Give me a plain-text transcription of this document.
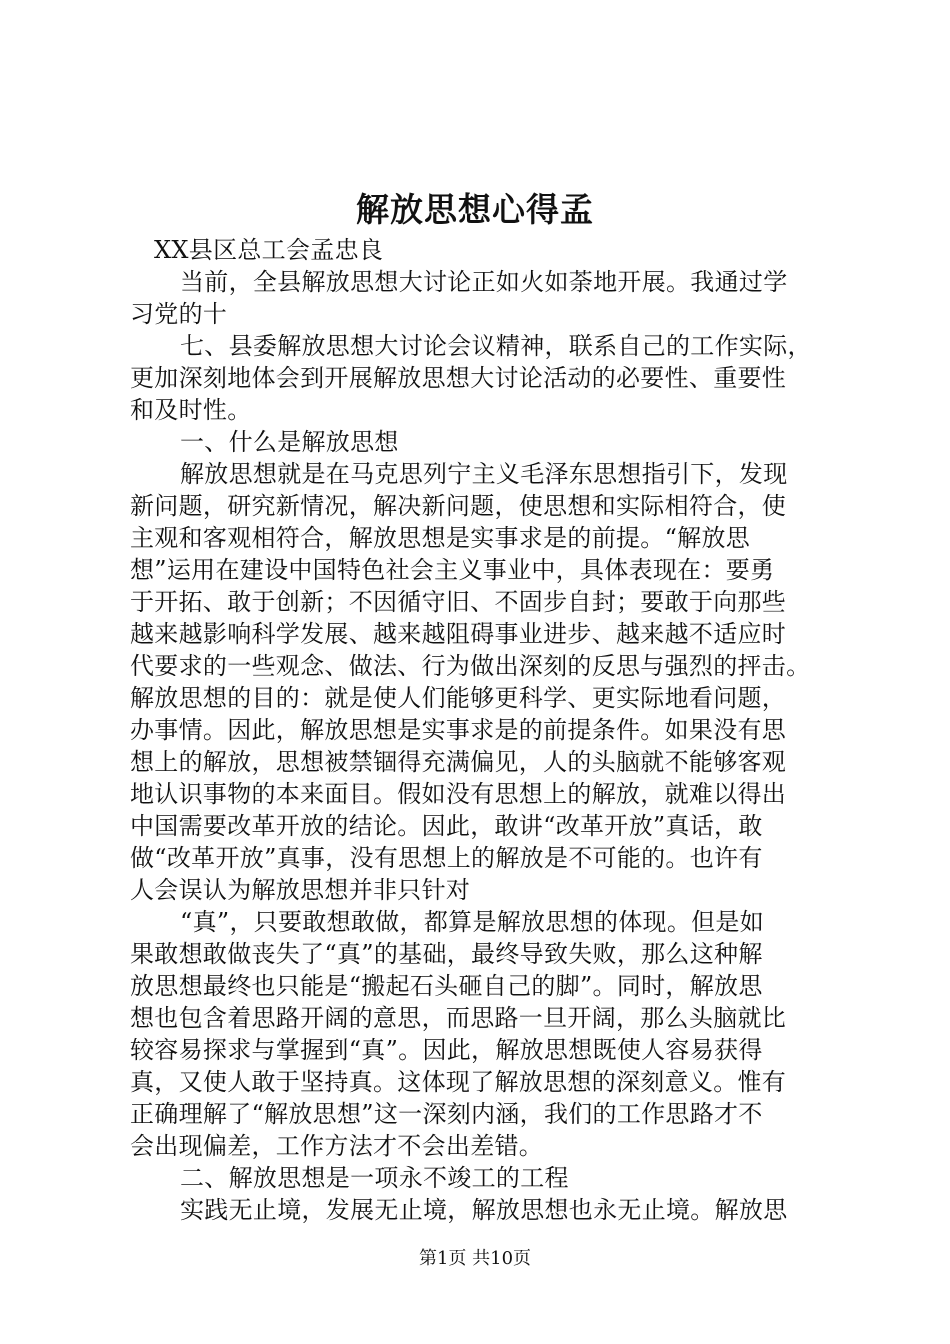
解放思想心得孟
XX县区总工会孟忠良
当前，全县解放思想大讨论正如火如荼地开展。我通过学
习党的十
七、县委解放思想大讨论会议精神，联系自己的工作实际，
更加深刻地体会到开展解放思想大讨论活动的必要性、重要性
和及时性。
一、什么是解放思想
解放思想就是在马克思列宁主义毛泽东思想指引下，发现
新问题，研究新情况，解决新问题，使思想和实际相符合，使
主观和客观相符合，解放思想是实事求是的前提。“解放思
想”运用在建设中国特色社会主义事业中，具体表现在：要勇
于开拓、敢于创新；不因循守旧、不固步自封；要敢于向那些
越来越影响科学发展、越来越阻碍事业进步、越来越不适应时
代要求的一些观念、做法、行为做出深刻的反思与强烈的抨击。
解放思想的目的：就是使人们能够更科学、更实际地看问题，
办事情。因此，解放思想是实事求是的前提条件。如果没有思
想上的解放，思想被禁锢得充满偏见，人的头脑就不能够客观
地认识事物的本来面目。假如没有思想上的解放，就难以得出
中国需要改革开放的结论。因此，敢讲“改革开放”真话，敢
做“改革开放”真事，没有思想上的解放是不可能的。也许有
人会误认为解放思想并非只针对
“真”，只要敢想敢做，都算是解放思想的体现。但是如
果敢想敢做丧失了“真”的基础，最终导致失败，那么这种解
放思想最终也只能是“搬起石头砸自己的脚”。同时，解放思
想也包含着思路开阔的意思，而思路一旦开阔，那么头脑就比
较容易探求与掌握到“真”。因此，解放思想既使人容易获得
真，又使人敢于坚持真。这体现了解放思想的深刻意义。惟有
正确理解了“解放思想”这一深刻内涵，我们的工作思路才不
会出现偏差，工作方法才不会出差错。
二、解放思想是一项永不竣工的工程
实践无止境，发展无止境，解放思想也永无止境。解放思
第1页 共10页
